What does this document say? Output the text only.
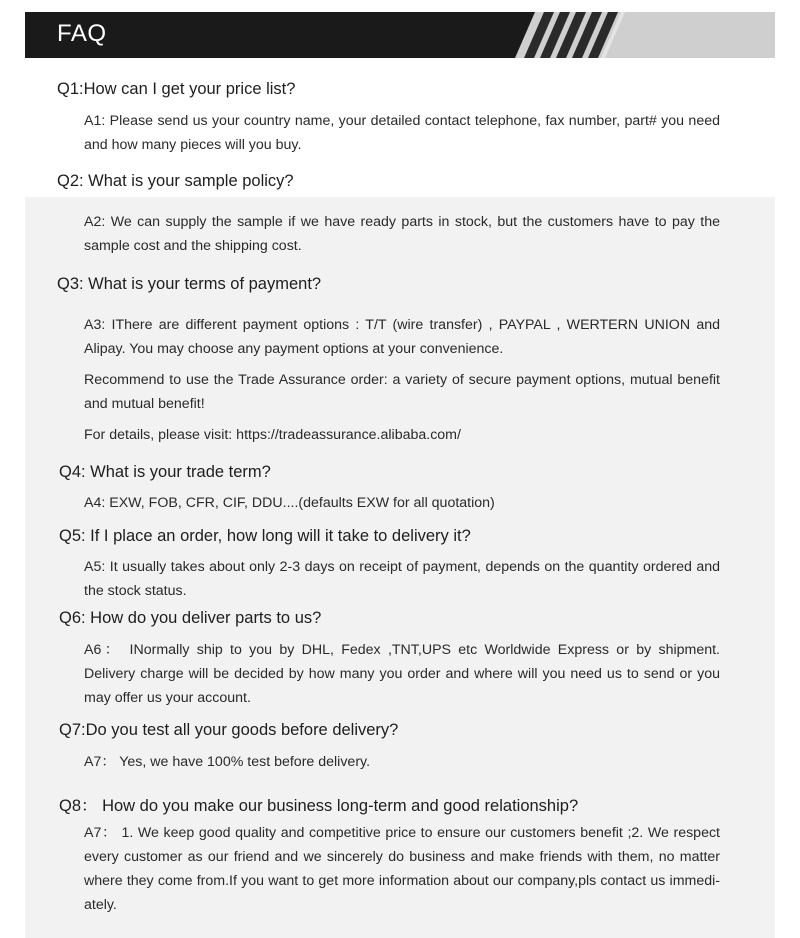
FAQ
Q1:How can I get your price list?
A1: Please send us your country name, your detailed contact telephone, fax number, part# you need and how many pieces will you buy.
Q2: What is your sample policy?
A2: We can supply the sample if we have ready parts in stock, but the customers have to pay the sample cost and the shipping cost.
Q3: What is your terms of payment?
A3: IThere are different payment options : T/T (wire transfer) , PAYPAL , WERTERN UNION and Alipay. You may choose any payment options at your convenience.
Recommend to use the Trade Assurance order: a variety of secure payment options, mutual benefit and mutual benefit!
For details, please visit: https://tradeassurance.alibaba.com/
Q4: What is your trade term?
A4: EXW, FOB, CFR, CIF, DDU....(defaults EXW for all quotation)
Q5: If I place an order, how long will it take to delivery it?
A5: It usually takes about only 2-3 days on receipt of payment, depends on the quantity ordered and the stock status.
Q6: How do you deliver parts to us?
A6： INormally ship to you by DHL, Fedex ,TNT,UPS etc Worldwide Express or by shipment. Delivery charge will be decided by how many you order and where will you need us to send or you may offer us your account.
Q7:Do you test all your goods before delivery?
A7： Yes, we have 100% test before delivery.
Q8： How do you make our business long-term and good relationship?
A7： 1. We keep good quality and competitive price to ensure our customers benefit ;2. We respect every customer as our friend and we sincerely do business and make friends with them, no matter where they come from.If you want to get more information about our company,pls contact us immedi-ately.
